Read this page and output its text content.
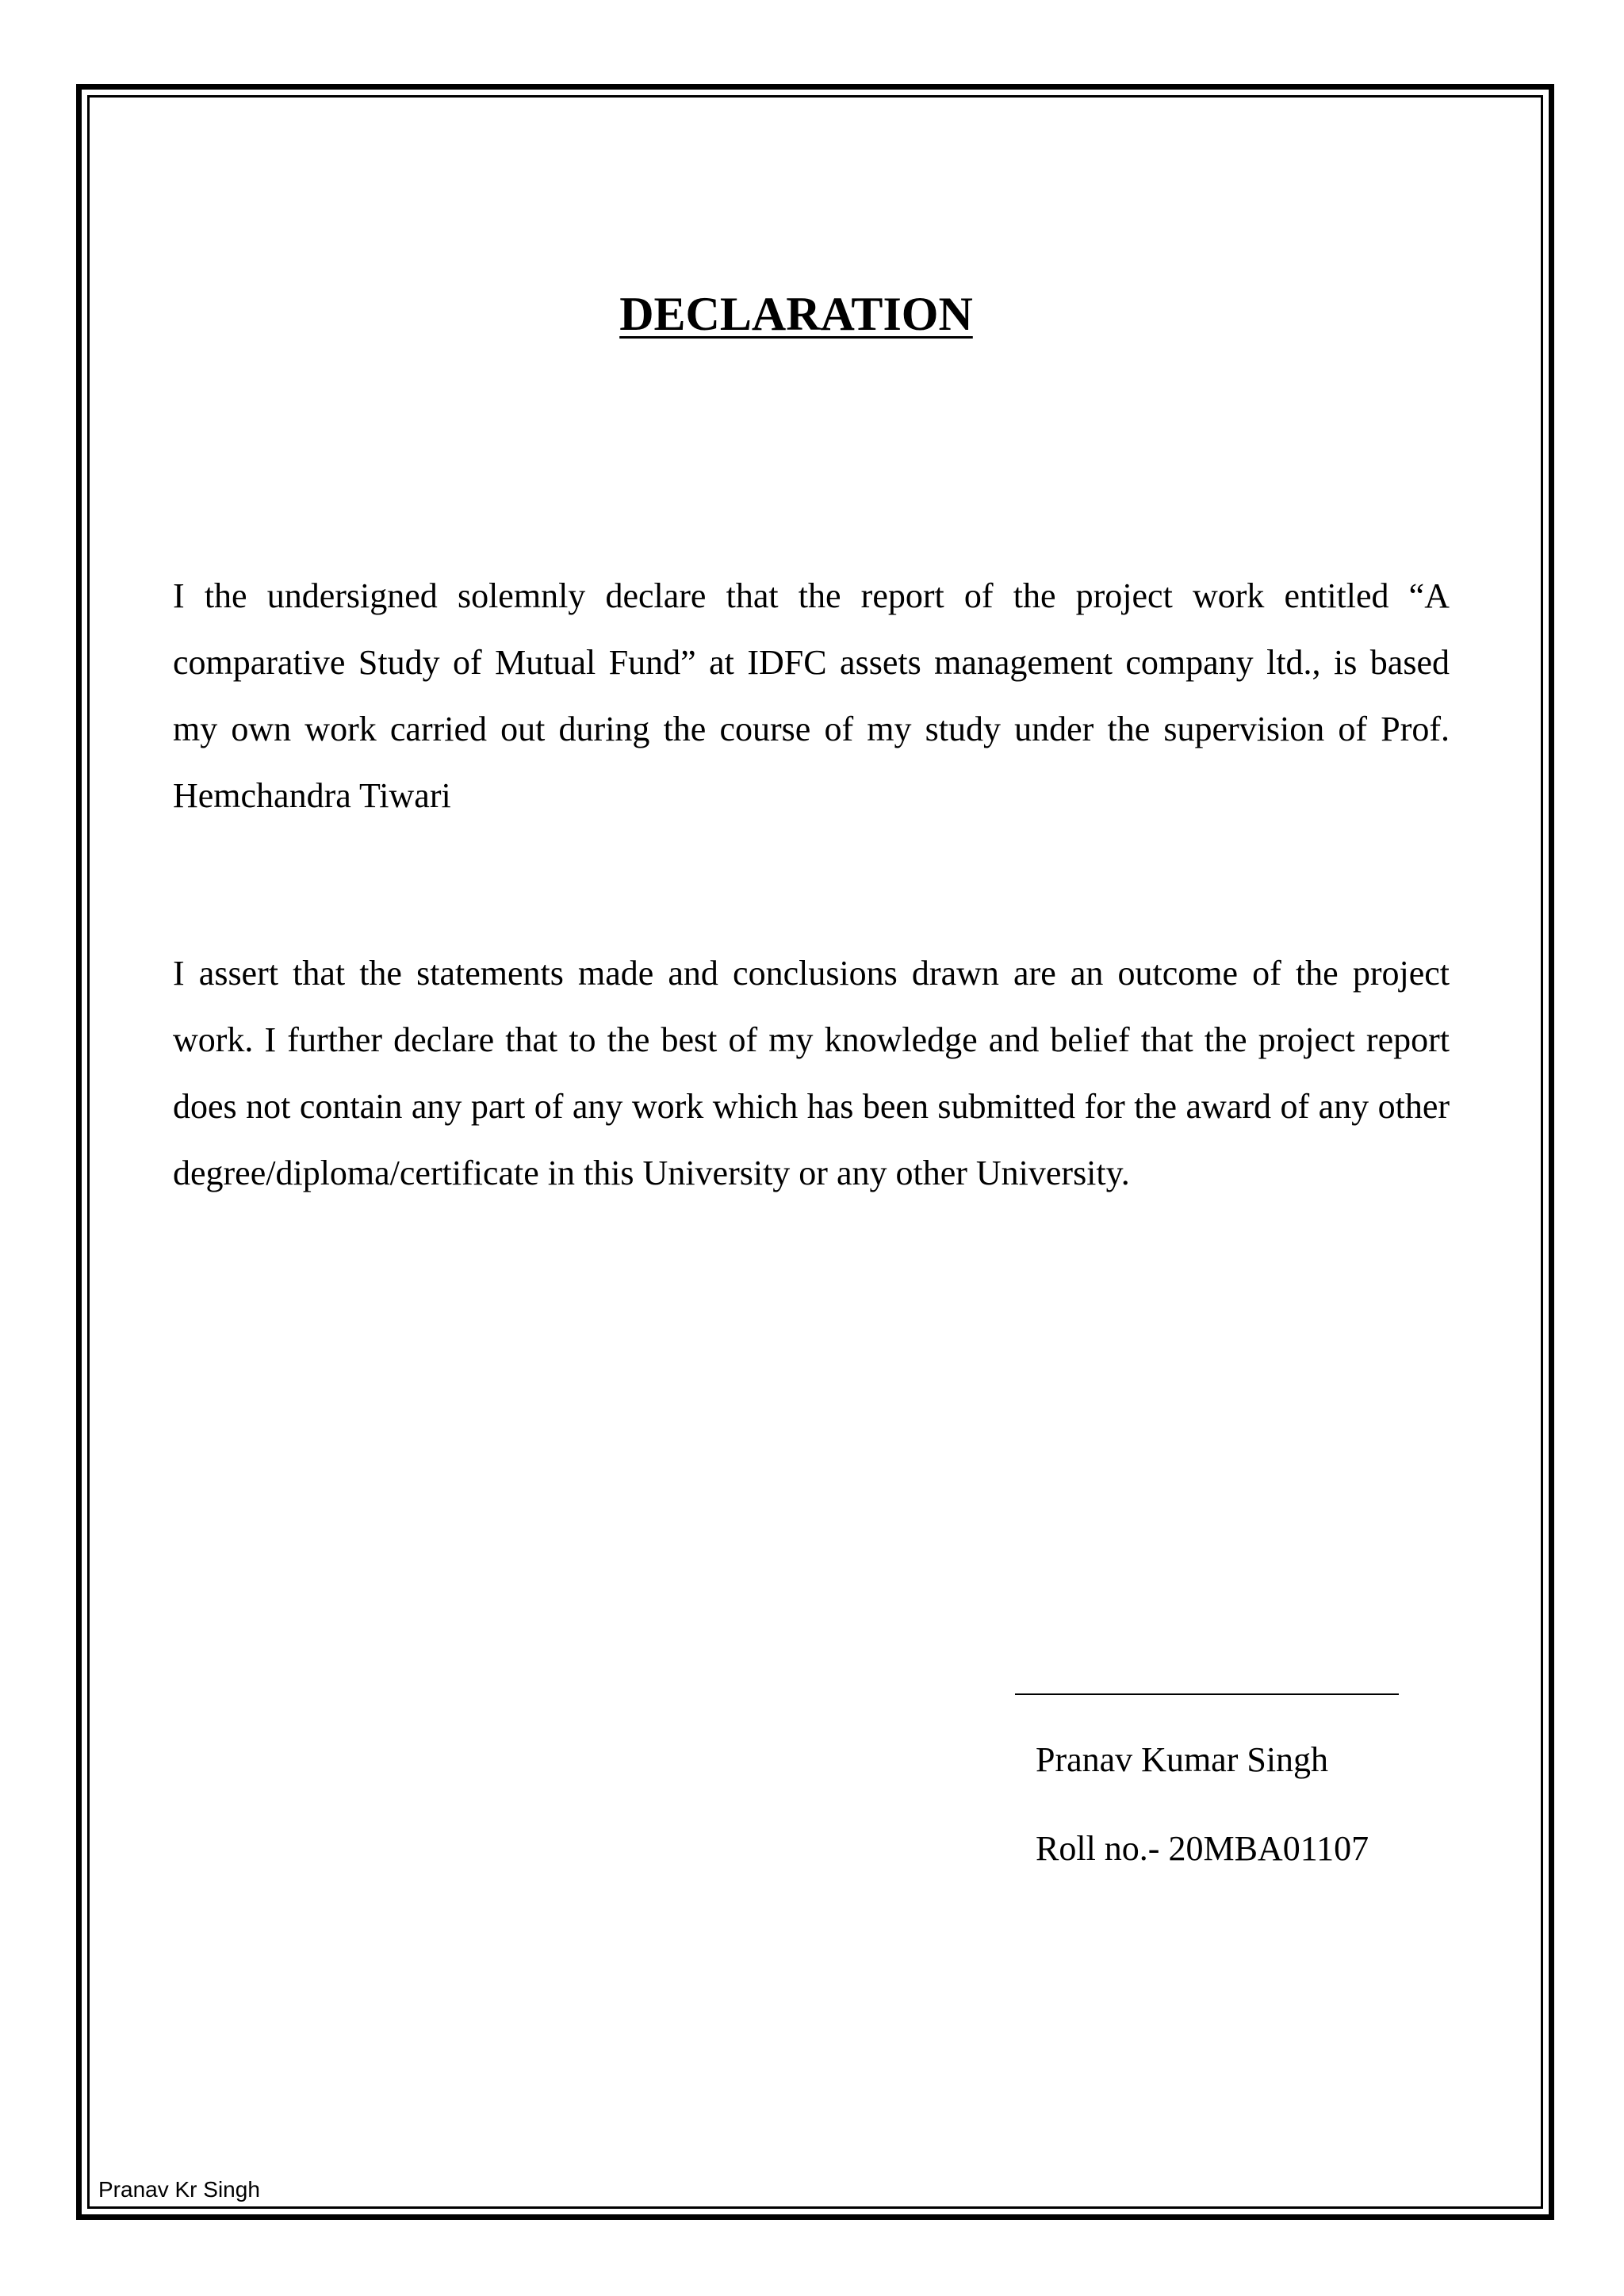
DECLARATION

I the undersigned solemnly declare that the report of the project work entitled “A comparative Study of Mutual Fund” at IDFC assets management company ltd., is based my own work carried out during the course of my study under the supervision of Prof. Hemchandra Tiwari

I assert that the statements made and conclusions drawn are an outcome of the project work. I further declare that to the best of my knowledge and belief that the project report does not contain any part of any work which has been submitted for the award of any other degree/diploma/certificate in this University or any other University.

Pranav Kumar Singh

Roll no.- 20MBA01107

Pranav Kr Singh
